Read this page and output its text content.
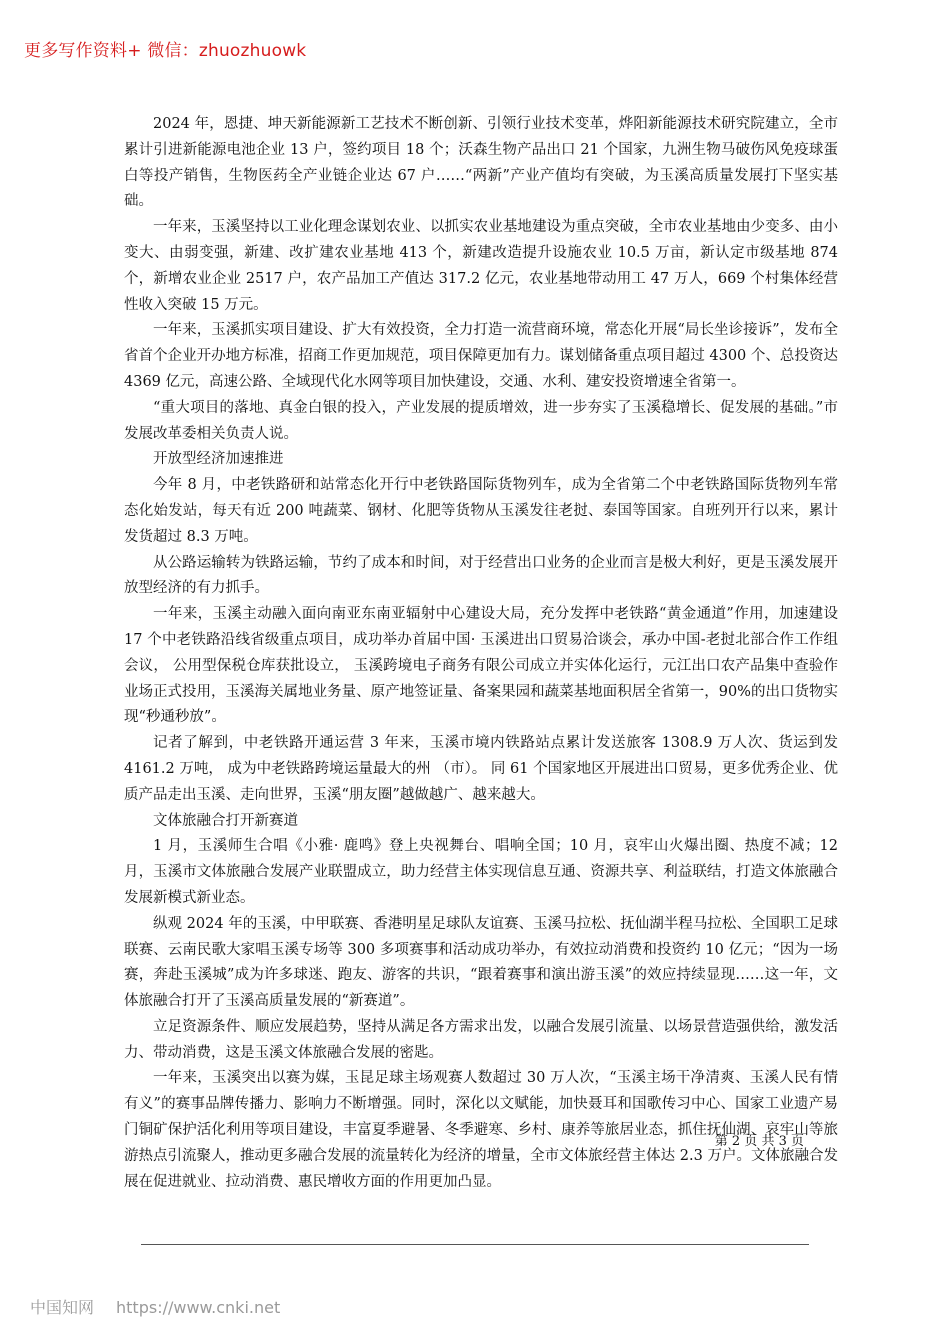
更多写作资料+ 微信：zhuozhuowk

2024 年，恩捷、坤天新能源新工艺技术不断创新、引领行业技术变革，烨阳新能源技术研究院建立，全市累计引进新能源电池企业 13 户，签约项目 18 个；沃森生物产品出口 21 个国家，九洲生物马破伤风免疫球蛋白等投产销售，生物医药全产业链企业达 67 户……“两新”产业产值均有突破，为玉溪高质量发展打下坚实基础。

一年来，玉溪坚持以工业化理念谋划农业、以抓实农业基地建设为重点突破，全市农业基地由少变多、由小变大、由弱变强，新建、改扩建农业基地 413 个，新建改造提升设施农业 10.5 万亩，新认定市级基地 874 个，新增农业企业 2517 户，农产品加工产值达 317.2 亿元，农业基地带动用工 47 万人，669 个村集体经营性收入突破 15 万元。

一年来，玉溪抓实项目建设、扩大有效投资，全力打造一流营商环境，常态化开展“局长坐诊接诉”，发布全省首个企业开办地方标准，招商工作更加规范，项目保障更加有力。谋划储备重点项目超过 4300 个、总投资达 4369 亿元，高速公路、全域现代化水网等项目加快建设，交通、水利、建安投资增速全省第一。

“重大项目的落地、真金白银的投入，产业发展的提质增效，进一步夯实了玉溪稳增长、促发展的基础。”市发展改革委相关负责人说。

开放型经济加速推进

今年 8 月，中老铁路研和站常态化开行中老铁路国际货物列车，成为全省第二个中老铁路国际货物列车常态化始发站，每天有近 200 吨蔬菜、钢材、化肥等货物从玉溪发往老挝、泰国等国家。自班列开行以来，累计发货超过 8.3 万吨。

从公路运输转为铁路运输，节约了成本和时间，对于经营出口业务的企业而言是极大利好，更是玉溪发展开放型经济的有力抓手。

一年来，玉溪主动融入面向南亚东南亚辐射中心建设大局，充分发挥中老铁路“黄金通道”作用，加速建设 17 个中老铁路沿线省级重点项目，成功举办首届中国· 玉溪进出口贸易洽谈会，承办中国-老挝北部合作工作组会议， 公用型保税仓库获批设立， 玉溪跨境电子商务有限公司成立并实体化运行，元江出口农产品集中查验作业场正式投用，玉溪海关属地业务量、原产地签证量、备案果园和蔬菜基地面积居全省第一，90%的出口货物实现“秒通秒放”。

记者了解到，中老铁路开通运营 3 年来，玉溪市境内铁路站点累计发送旅客 1308.9 万人次、货运到发 4161.2 万吨， 成为中老铁路跨境运量最大的州 （市）。 同 61 个国家地区开展进出口贸易，更多优秀企业、优质产品走出玉溪、走向世界，玉溪“朋友圈”越做越广、越来越大。

文体旅融合打开新赛道

1 月，玉溪师生合唱《小雅· 鹿鸣》登上央视舞台、唱响全国；10 月，哀牢山火爆出圈、热度不减；12 月，玉溪市文体旅融合发展产业联盟成立，助力经营主体实现信息互通、资源共享、利益联结，打造文体旅融合发展新模式新业态。

纵观 2024 年的玉溪，中甲联赛、香港明星足球队友谊赛、玉溪马拉松、抚仙湖半程马拉松、全国职工足球联赛、云南民歌大家唱玉溪专场等 300 多项赛事和活动成功举办，有效拉动消费和投资约 10 亿元；“因为一场赛，奔赴玉溪城”成为许多球迷、跑友、游客的共识，“跟着赛事和演出游玉溪”的效应持续显现……这一年，文体旅融合打开了玉溪高质量发展的“新赛道”。

立足资源条件、顺应发展趋势，坚持从满足各方需求出发，以融合发展引流量、以场景营造强供给，激发活力、带动消费，这是玉溪文体旅融合发展的密匙。

一年来，玉溪突出以赛为媒，玉昆足球主场观赛人数超过 30 万人次，“玉溪主场干净清爽、玉溪人民有情有义”的赛事品牌传播力、影响力不断增强。同时，深化以文赋能，加快聂耳和国歌传习中心、国家工业遗产易门铜矿保护活化利用等项目建设，丰富夏季避暑、冬季避寒、乡村、康养等旅居业态，抓住抚仙湖、哀牢山等旅游热点引流聚人，推动更多融合发展的流量转化为经济的增量，全市文体旅经营主体达 2.3 万户。文体旅融合发展在促进就业、拉动消费、惠民增收方面的作用更加凸显。

第 2 页 共 3 页
中国知网 https://www.cnki.net
